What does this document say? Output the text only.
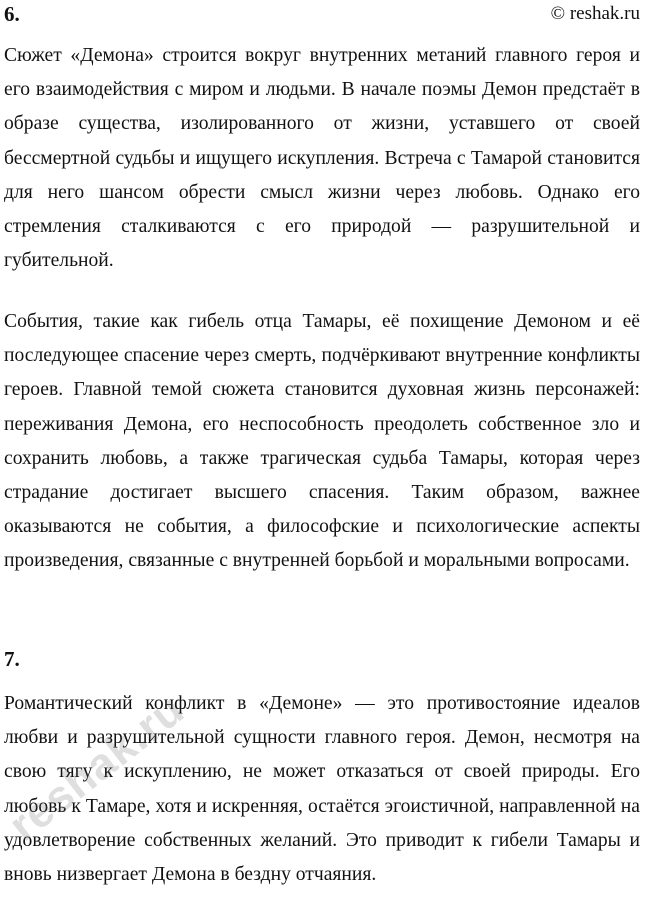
6.	© reshak.ru

Сюжет «Демона» строится вокруг внутренних метаний главного героя и его взаимодействия с миром и людьми. В начале поэмы Демон предстаёт в образе существа, изолированного от жизни, уставшего от своей бессмертной судьбы и ищущего искупления. Встреча с Тамарой становится для него шансом обрести смысл жизни через любовь. Однако его стремления сталкиваются с его природой — разрушительной и губительной.

События, такие как гибель отца Тамары, её похищение Демоном и её последующее спасение через смерть, подчёркивают внутренние конфликты героев. Главной темой сюжета становится духовная жизнь персонажей: переживания Демона, его неспособность преодолеть собственное зло и сохранить любовь, а также трагическая судьба Тамары, которая через страдание достигает высшего спасения. Таким образом, важнее оказываются не события, а философские и психологические аспекты произведения, связанные с внутренней борьбой и моральными вопросами.

7.

Романтический конфликт в «Демоне» — это противостояние идеалов любви и разрушительной сущности главного героя. Демон, несмотря на свою тягу к искуплению, не может отказаться от своей природы. Его любовь к Тамаре, хотя и искренняя, остаётся эгоистичной, направленной на удовлетворение собственных желаний. Это приводит к гибели Тамары и вновь низвергает Демона в бездну отчаяния.

reshak.ru
